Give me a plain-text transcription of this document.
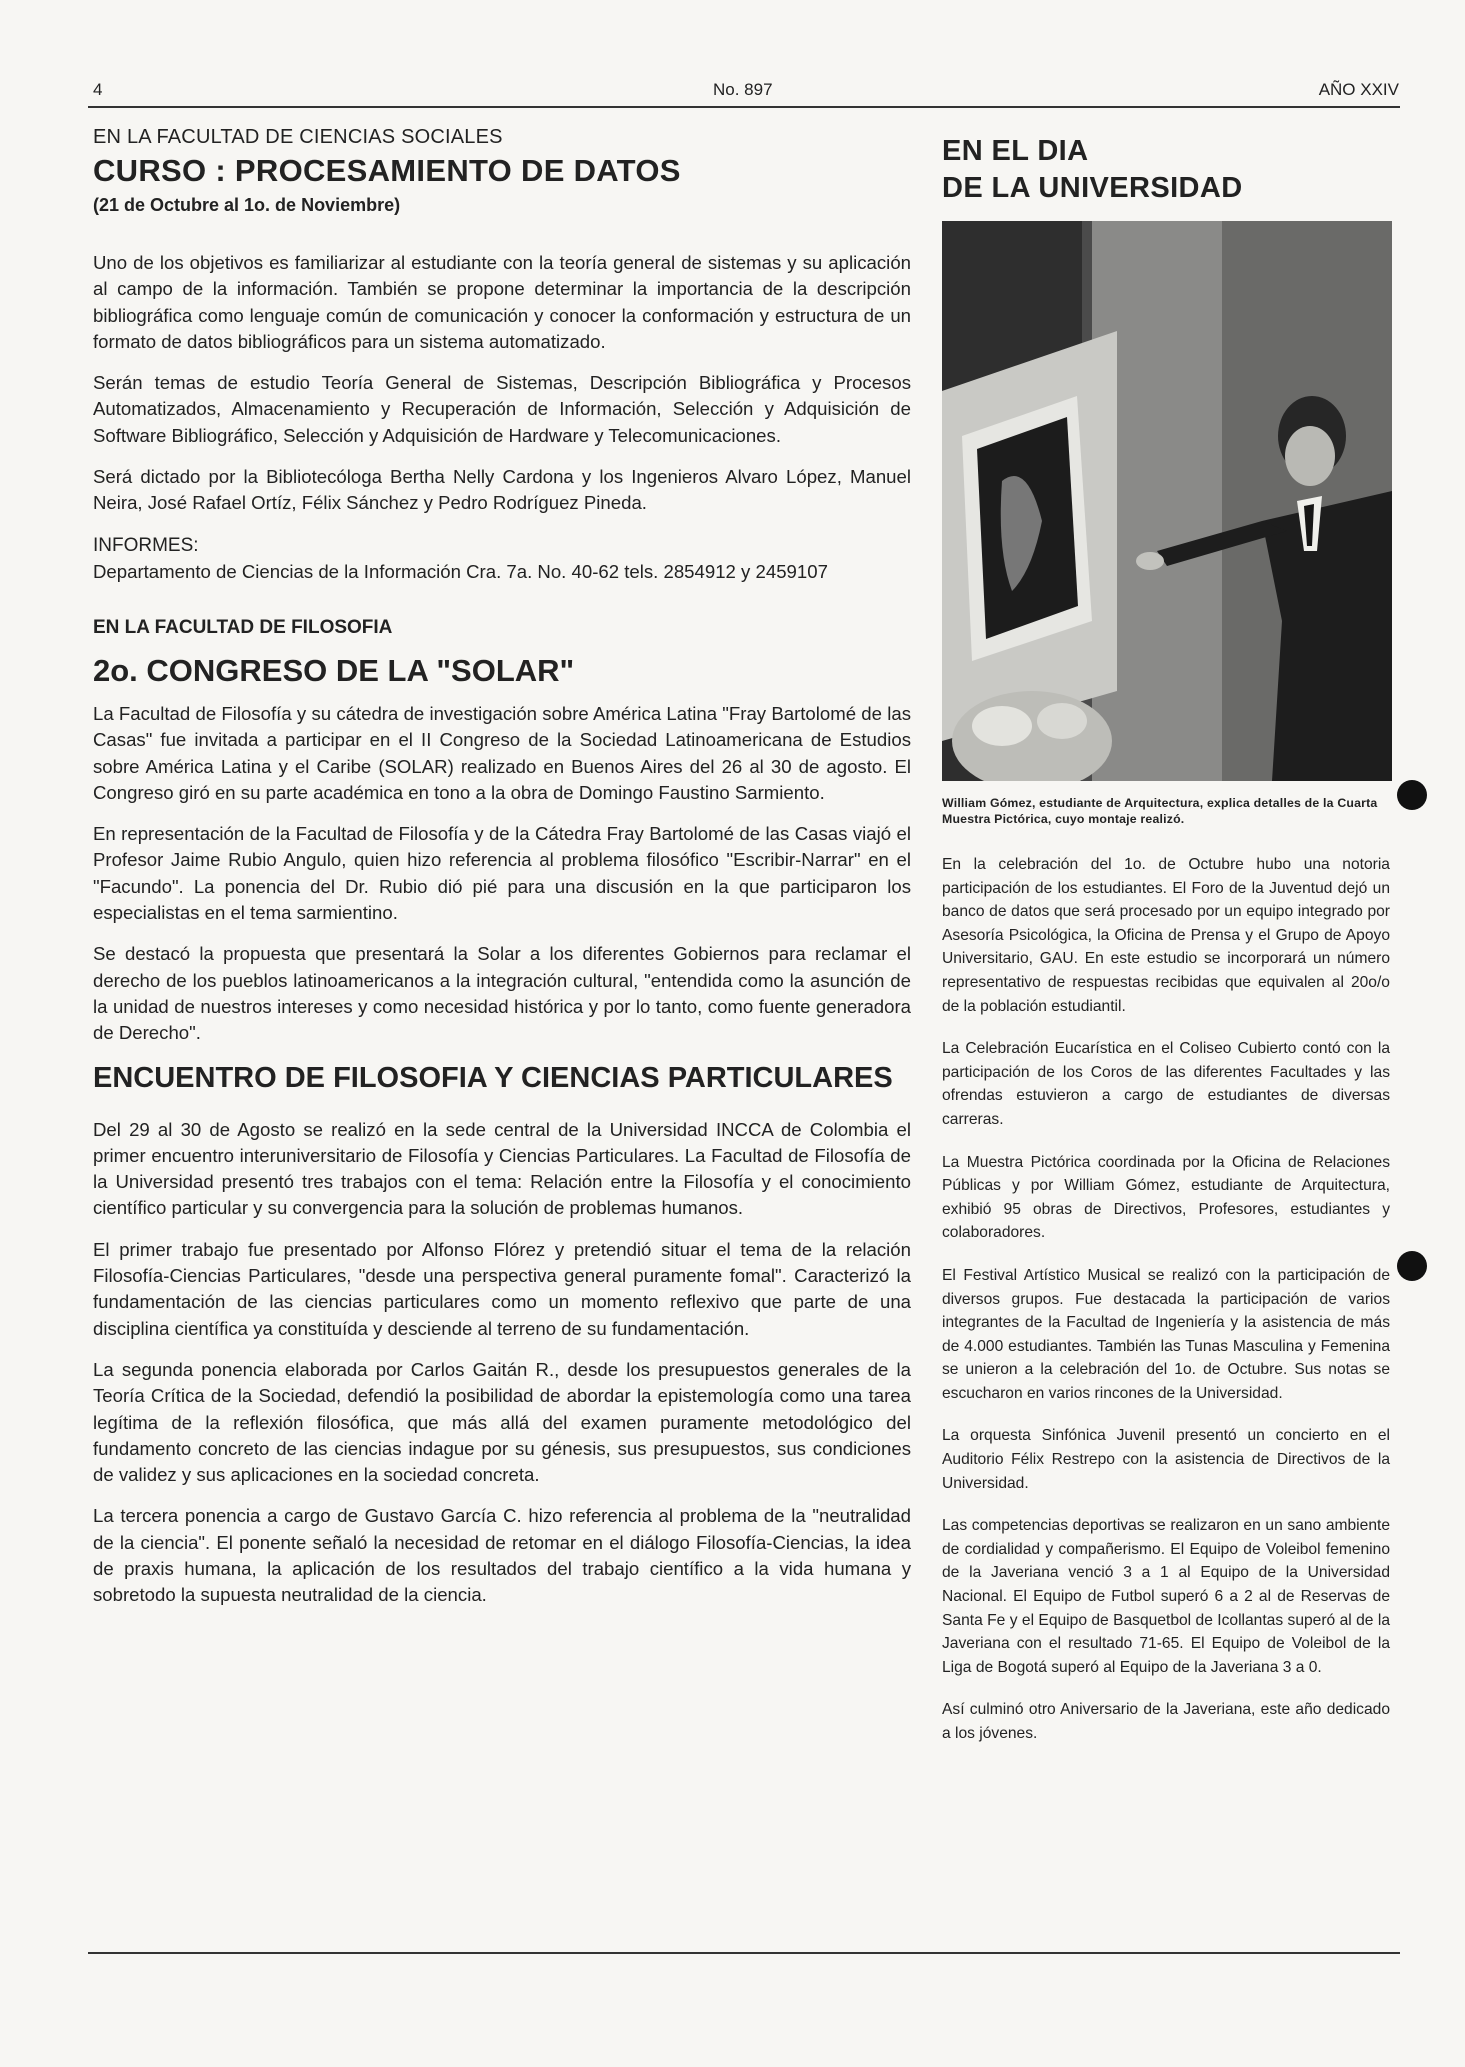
4	No. 897	AÑO XXIV

EN LA FACULTAD DE CIENCIAS SOCIALES

CURSO : PROCESAMIENTO DE DATOS

(21 de Octubre al 1o. de Noviembre)

Uno de los objetivos es familiarizar al estudiante con la teoría general de sistemas y su aplicación al campo de la información. También se propone determinar la importancia de la descripción bibliográfica como lenguaje común de comunicación y conocer la conformación y estructura de un formato de datos bibliográficos para un sistema automatizado.

Serán temas de estudio Teoría General de Sistemas, Descripción Bibliográfica y Procesos Automatizados, Almacenamiento y Recuperación de Información, Selección y Adquisición de Software Bibliográfico, Selección y Adquisición de Hardware y Telecomunicaciones.

Será dictado por la Bibliotecóloga Bertha Nelly Cardona y los Ingenieros Alvaro López, Manuel Neira, José Rafael Ortíz, Félix Sánchez y Pedro Rodríguez Pineda.

INFORMES:

Departamento de Ciencias de la Información Cra. 7a. No. 40-62 tels. 2854912 y 2459107

EN LA FACULTAD DE FILOSOFIA

2o. CONGRESO DE LA "SOLAR"

La Facultad de Filosofía y su cátedra de investigación sobre América Latina "Fray Bartolomé de las Casas" fue invitada a participar en el II Congreso de la Sociedad Latinoamericana de Estudios sobre América Latina y el Caribe (SOLAR) realizado en Buenos Aires del 26 al 30 de agosto. El Congreso giró en su parte académica en tono a la obra de Domingo Faustino Sarmiento.

En representación de la Facultad de Filosofía y de la Cátedra Fray Bartolomé de las Casas viajó el Profesor Jaime Rubio Angulo, quien hizo referencia al problema filosófico "Escribir-Narrar" en el "Facundo". La ponencia del Dr. Rubio dió pié para una discusión en la que participaron los especialistas en el tema sarmientino.

Se destacó la propuesta que presentará la Solar a los diferentes Gobiernos para reclamar el derecho de los pueblos latinoamericanos a la integración cultural, "entendida como la asunción de la unidad de nuestros intereses y como necesidad histórica y por lo tanto, como fuente generadora de Derecho".

ENCUENTRO DE FILOSOFIA Y CIENCIAS PARTICULARES

Del 29 al 30 de Agosto se realizó en la sede central de la Universidad INCCA de Colombia el primer encuentro interuniversitario de Filosofía y Ciencias Particulares. La Facultad de Filosofía de la Universidad presentó tres trabajos con el tema: Relación entre la Filosofía y el conocimiento científico particular y su convergencia para la solución de problemas humanos.

El primer trabajo fue presentado por Alfonso Flórez y pretendió situar el tema de la relación Filosofía-Ciencias Particulares, "desde una perspectiva general puramente fomal". Caracterizó la fundamentación de las ciencias particulares como un momento reflexivo que parte de una disciplina científica ya constituída y desciende al terreno de su fundamentación.

La segunda ponencia elaborada por Carlos Gaitán R., desde los presupuestos generales de la Teoría Crítica de la Sociedad, defendió la posibilidad de abordar la epistemología como una tarea legítima de la reflexión filosófica, que más allá del examen puramente metodológico del fundamento concreto de las ciencias indague por su génesis, sus presupuestos, sus condiciones de validez y sus aplicaciones en la sociedad concreta.

La tercera ponencia a cargo de Gustavo García C. hizo referencia al problema de la "neutralidad de la ciencia". El ponente señaló la necesidad de retomar en el diálogo Filosofía-Ciencias, la idea de praxis humana, la aplicación de los resultados del trabajo científico a la vida humana y sobretodo la supuesta neutralidad de la ciencia.

EN EL DIA
DE LA UNIVERSIDAD

William Gómez, estudiante de Arquitectura, explica detalles de la Cuarta Muestra Pictórica, cuyo montaje realizó.

En la celebración del 1o. de Octubre hubo una notoria participación de los estudiantes. El Foro de la Juventud dejó un banco de datos que será procesado por un equipo integrado por Asesoría Psicológica, la Oficina de Prensa y el Grupo de Apoyo Universitario, GAU. En este estudio se incorporará un número representativo de respuestas recibidas que equivalen al 20o/o de la población estudiantil.

La Celebración Eucarística en el Coliseo Cubierto contó con la participación de los Coros de las diferentes Facultades y las ofrendas estuvieron a cargo de estudiantes de diversas carreras.

La Muestra Pictórica coordinada por la Oficina de Relaciones Públicas y por William Gómez, estudiante de Arquitectura, exhibió 95 obras de Directivos, Profesores, estudiantes y colaboradores.

El Festival Artístico Musical se realizó con la participación de diversos grupos. Fue destacada la participación de varios integrantes de la Facultad de Ingeniería y la asistencia de más de 4.000 estudiantes. También las Tunas Masculina y Femenina se unieron a la celebración del 1o. de Octubre. Sus notas se escucharon en varios rincones de la Universidad.

La orquesta Sinfónica Juvenil presentó un concierto en el Auditorio Félix Restrepo con la asistencia de Directivos de la Universidad.

Las competencias deportivas se realizaron en un sano ambiente de cordialidad y compañerismo. El Equipo de Voleibol femenino de la Javeriana venció 3 a 1 al Equipo de la Universidad Nacional. El Equipo de Futbol superó 6 a 2 al de Reservas de Santa Fe y el Equipo de Basquetbol de Icollantas superó al de la Javeriana con el resultado 71-65. El Equipo de Voleibol de la Liga de Bogotá superó al Equipo de la Javeriana 3 a 0.

Así culminó otro Aniversario de la Javeriana, este año dedicado a los jóvenes.
